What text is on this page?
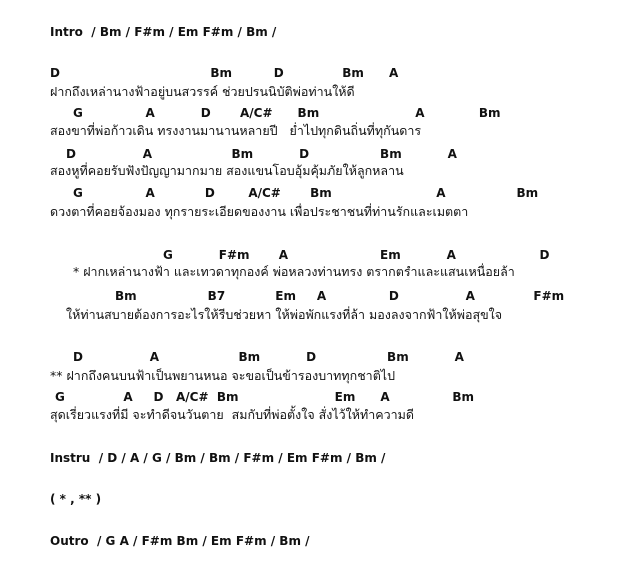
Intro  / Bm / F#m / Em F#m / Bm /
D                                    Bm          D              Bm      A
ฝากถึงเหล่านางฟ้าอยู่บนสวรรค์ ช่วยปรนนิบัติพ่อท่านให้ดี
G               A           D       A/C#      Bm                       A             Bm
สองขาที่พ่อก้าวเดิน ทรงงานมานานหลายปี   ย่ำไปทุกดินถิ่นที่ทุกันดาร
D                A                   Bm           D                 Bm           A
สองหูที่คอยรับฟังปัญญามากมาย สองแขนโอบอุ้มคุ้มภัยให้ลูกหลาน
G               A            D        A/C#       Bm                         A                 Bm
ดวงตาที่คอยจ้องมอง ทุกรายระเอียดของงาน เพื่อประชาชนที่ท่านรักและเมตตา
G           F#m       A                      Em           A                    D
* ฝากเหล่านางฟ้า และเทวดาทุกองค์ พ่อหลวงท่านทรง ตรากตรำและแสนเหนื่อยล้า
Bm                 B7            Em     A               D                A              F#m
ให้ท่านสบายต้องการอะไรให้รีบช่วยหา ให้พ่อพักแรงที่ล้า มองลงจากฟ้าให้พ่อสุขใจ
D                A                   Bm           D                 Bm           A
** ฝากถึงคนบนฟ้าเป็นพยานหนอ จะขอเป็นข้ารองบาททุกชาติไป
G              A     D   A/C#  Bm                       Em      A               Bm
สุดเรี่ยวแรงที่มี จะทำดีจนวันตาย  สมกับที่พ่อตั้งใจ สั่งไว้ให้ทำความดี
Instru  / D / A / G / Bm / Bm / F#m / Em F#m / Bm /
( * , ** )
Outro  / G A / F#m Bm / Em F#m / Bm /
